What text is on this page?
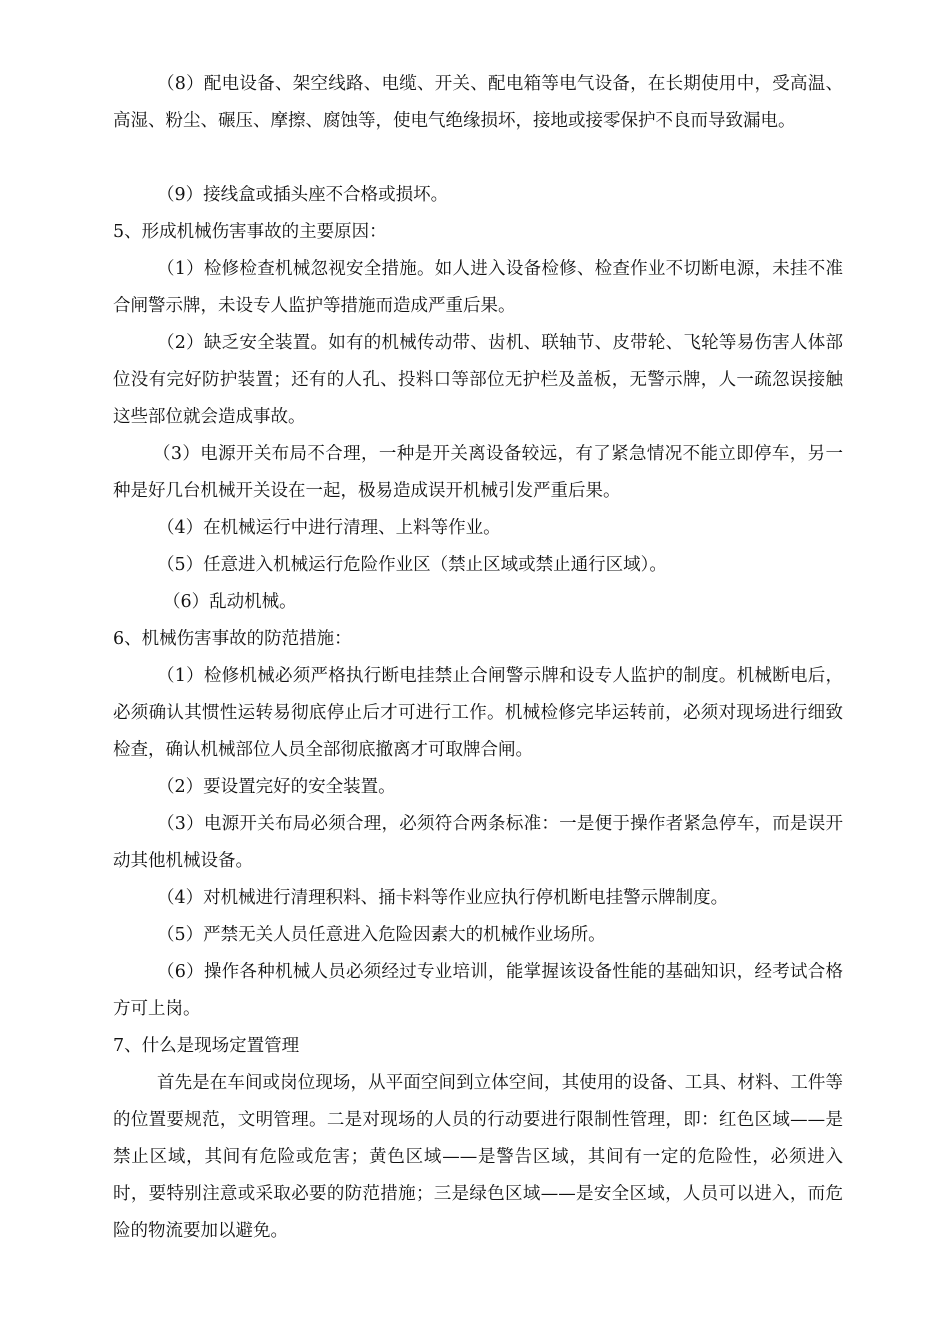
（8）配电设备、架空线路、电缆、开关、配电箱等电气设备，在长期使用中，受高温、高湿、粉尘、碾压、摩擦、腐蚀等，使电气绝缘损坏，接地或接零保护不良而导致漏电。

（9）接线盒或插头座不合格或损坏。

5、形成机械伤害事故的主要原因：

（1）检修检查机械忽视安全措施。如人进入设备检修、检查作业不切断电源，未挂不准合闸警示牌，未设专人监护等措施而造成严重后果。

（2）缺乏安全装置。如有的机械传动带、齿机、联轴节、皮带轮、飞轮等易伤害人体部位没有完好防护装置；还有的人孔、投料口等部位无护栏及盖板，无警示牌，人一疏忽误接触这些部位就会造成事故。

（3）电源开关布局不合理，一种是开关离设备较远，有了紧急情况不能立即停车，另一种是好几台机械开关设在一起，极易造成误开机械引发严重后果。

（4）在机械运行中进行清理、上料等作业。

（5）任意进入机械运行危险作业区（禁止区域或禁止通行区域）。

（6）乱动机械。

6、机械伤害事故的防范措施：

（1）检修机械必须严格执行断电挂禁止合闸警示牌和设专人监护的制度。机械断电后，必须确认其惯性运转易彻底停止后才可进行工作。机械检修完毕运转前，必须对现场进行细致检查，确认机械部位人员全部彻底撤离才可取牌合闸。

（2）要设置完好的安全装置。

（3）电源开关布局必须合理，必须符合两条标准：一是便于操作者紧急停车，而是误开动其他机械设备。

（4）对机械进行清理积料、捅卡料等作业应执行停机断电挂警示牌制度。

（5）严禁无关人员任意进入危险因素大的机械作业场所。

（6）操作各种机械人员必须经过专业培训，能掌握该设备性能的基础知识，经考试合格方可上岗。

7、什么是现场定置管理

首先是在车间或岗位现场，从平面空间到立体空间，其使用的设备、工具、材料、工件等的位置要规范，文明管理。二是对现场的人员的行动要进行限制性管理，即：红色区域——是禁止区域，其间有危险或危害；黄色区域——是警告区域，其间有一定的危险性，必须进入时，要特别注意或采取必要的防范措施；三是绿色区域——是安全区域，人员可以进入，而危险的物流要加以避免。
